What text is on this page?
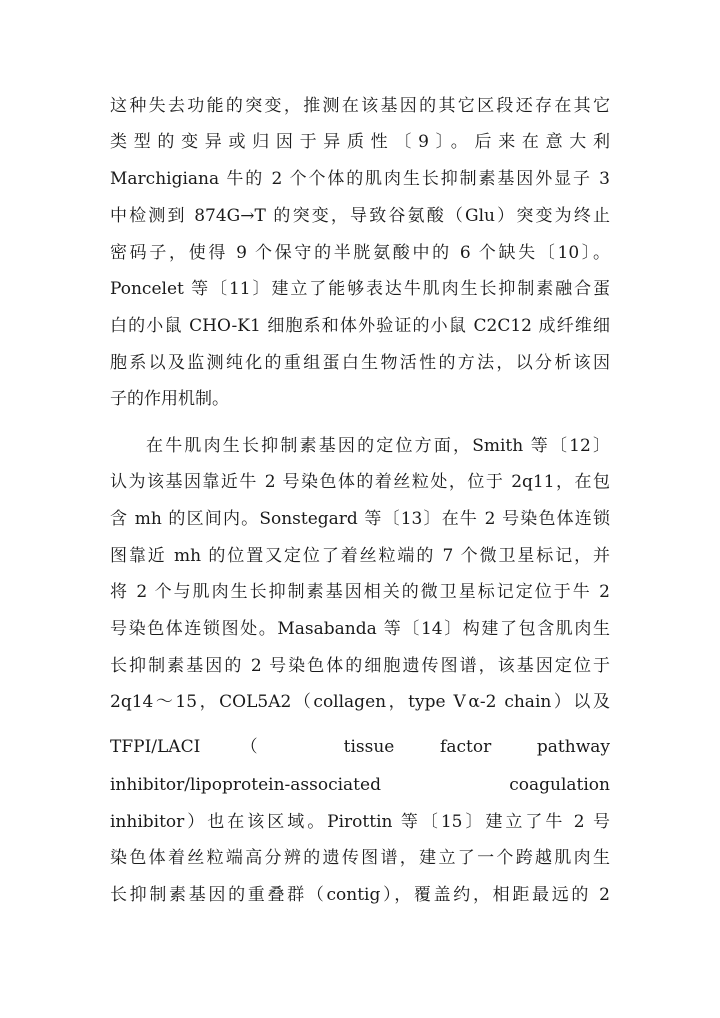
这种失去功能的突变，推测在该基因的其它区段还存在其它
类型的变异或归因于异质性〔9〕。后来在意大利
Marchigiana 牛的 2 个个体的肌肉生长抑制素基因外显子 3
中检测到 874G→T 的突变，导致谷氨酸（Glu）突变为终止
密码子，使得 9 个保守的半胱氨酸中的 6 个缺失〔10〕。
Poncelet 等〔11〕建立了能够表达牛肌肉生长抑制素融合蛋
白的小鼠 CHO-K1 细胞系和体外验证的小鼠 C2C12 成纤维细
胞系以及监测纯化的重组蛋白生物活性的方法，以分析该因
子的作用机制。
在牛肌肉生长抑制素基因的定位方面，Smith 等〔12〕
认为该基因靠近牛 2 号染色体的着丝粒处，位于 2q11，在包
含 mh 的区间内。Sonstegard 等〔13〕在牛 2 号染色体连锁
图靠近 mh 的位置又定位了着丝粒端的 7 个微卫星标记，并
将 2 个与肌肉生长抑制素基因相关的微卫星标记定位于牛 2
号染色体连锁图处。Masabanda 等〔14〕构建了包含肌肉生
长抑制素基因的 2 号染色体的细胞遗传图谱，该基因定位于
2q14～15，COL5A2（collagen，type Ⅴα-2 chain）以及
TFPI/LACI（ tissue factor pathway
inhibitor/lipoprotein-associated coagulation
inhibitor）也在该区域。Pirottin 等〔15〕建立了牛 2 号
染色体着丝粒端高分辨的遗传图谱，建立了一个跨越肌肉生
长抑制素基因的重叠群（contig），覆盖约，相距最远的 2
